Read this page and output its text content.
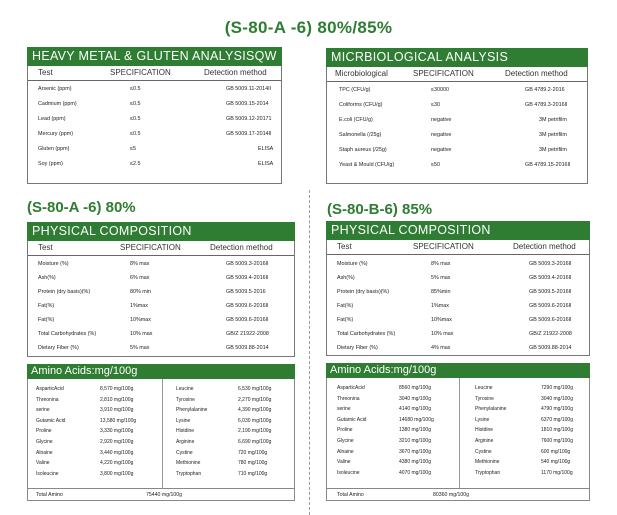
(S-80-A -6) 80%/85%
HEAVY METAL & GLUTEN ANALYSISQW
Test	SPECIFICATION	Detection method
Arsenic (ppm)	≤0.5	GB 5009.11-2014II
Cadmium (ppm)	≤0.5	GB 5009.15-2014
Lead (ppm)	≤0.5	GB 5009.12-20171
Mercury (ppm)	≤0.5	GB 5009.17-2014II
Gluten (ppm)	≤5	ELISA
Soy (ppm)	≤2.5	ELISA
MICRBIOLOGICAL ANALYSIS
Microbiological	SPECIFICATION	Detection method
TPC (CFU/g)	≤30000	GB 4789.2-2016
Coliforms (CFU/g)	≤30	GB 4789.3-2016II
E.coli (CFU/g)	negative	3M petrifilm
Salmonella (/25g)	negative	3M petrifilm
Staph aureus (/25g)	negative	3M petrifilm
Yeast & Mould (CFU/g)	≤50	GB 4789.15-2016II
(S-80-A -6) 80%
PHYSICAL COMPOSITION
Test	SPECIFICATION	Detection method
Moisture (%)	8% max	GB 5009.3-2016II
Ash(%)	6% max	GB 5009.4-2016II
Protein (dry basis)(%)	80% min	GB 5009.5-2016
Fat(%)	1%max	GB 5009.6-2016II
Fat(%)	10%max	GB 5009.6-2016II
Total Carbohydrates (%)	10% max	GB/Z 21922-2008
Dietary Fiber (%)	5% max	GB 5009.88-2014
Amino Acids:mg/100g
AsparticAcid	8,570 mg/100g	Leucine	6,530 mg/100g
Threonina	2,810 mg/100g	Tyrosine	2,270 mg/100g
serine	3,910 mg/100g	Phenylalanine	4,390 mg/100g
Gutamic Acid	13,580 mg/100g	Lysine	6,030 mg/100g
Proline	3,330 mg/100g	Histdine	2,190 mg/100g
Glycine	2,920 mg/100g	Arginine	6,690 mg/100g
Alnaine	3,440 mg/100g	Cystine	720 mg/100g
Valine	4,220 mg/100g	Methionine	780 mg/100g
Isoleucine	3,800 mg/100g	Tryptophan	710 mg/100g
Total Amino	75440 mg/100g
(S-80-B-6) 85%
PHYSICAL COMPOSITION
Test	SPECIFICATION	Detection method
Moisture (%)	8% max	GB 5009.3-2016II
Ash(%)	5% max	GB 5009.4-2016II
Protein (dry basis)(%)	85%min	GB 5009.5-2016II
Fat(%)	1%max	GB 5009.6-2016II
Fat(%)	10%max	GB 5009.6-2016II
Total Carbohydrates (%)	10% max	GB/Z 21922-2008
Dietary Fiber (%)	4% max	GB 5009.88-2014
Amino Acids:mg/100g
AsparticAcid	8560 mg/100g	Leucine	7290 mg/100g
Threonina	3040 mg/100g	Tyrosine	3040 mg/100g
serine	4140 mg/100g	Phenylalanine	4790 mg/100g
Gutamic Acid	14680 mg/100g	Lysine	6370 mg/100g
Proline	1380 mg/100g	Histdine	1810 mg/100g
Glycine	3210 mg/100g	Arginine	7600 mg/100g
Alnaine	3670 mg/100g	Cystine	600 mg/100g
Valine	4380 mg/100g	Methionine	540 mg/100g
Isoleucine	4070 mg/100g	Tryptophan	1170 mg/100g
Total Amino	80360 mg/100g
